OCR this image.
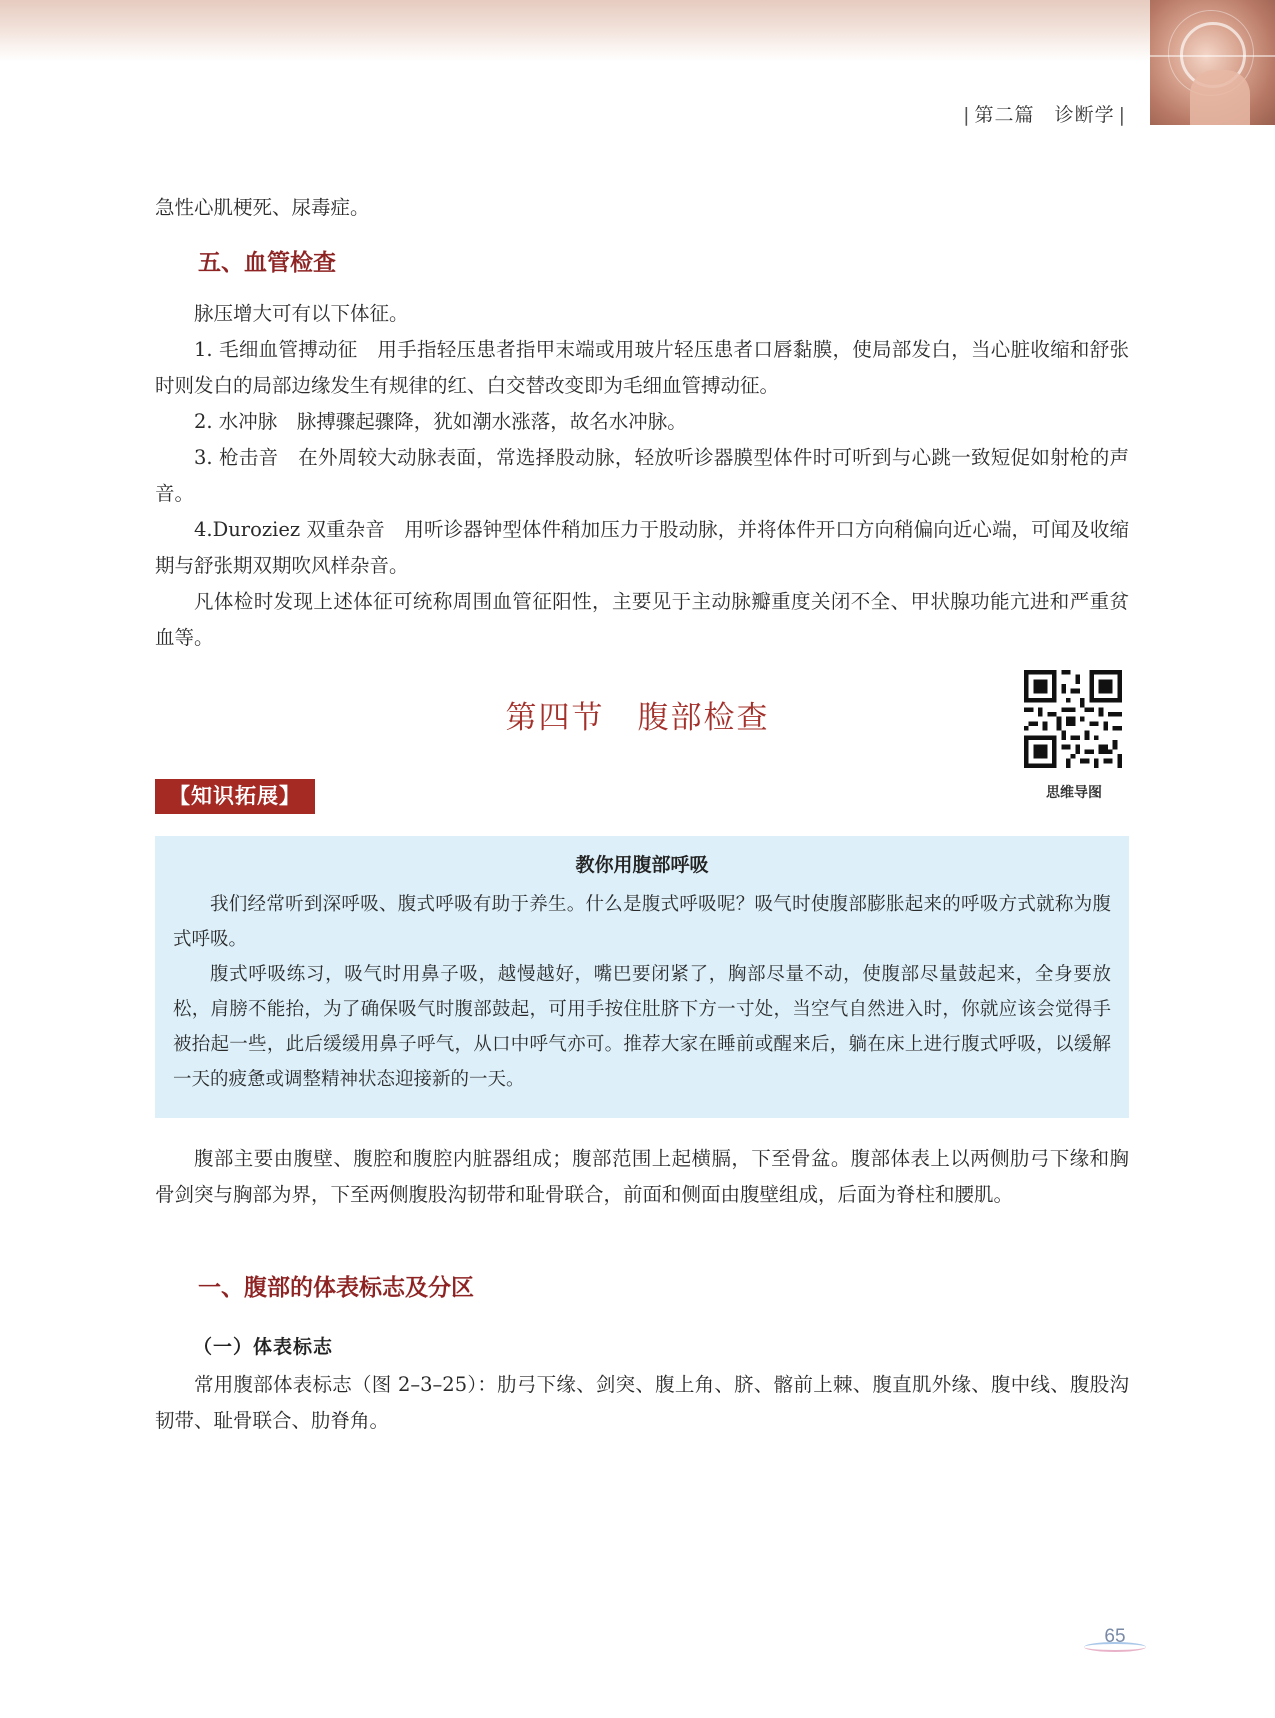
| 第二篇　 诊断学 |

急性心肌梗死、尿毒症。

五、血管检查

脉压增大可有以下体征。

1. 毛细血管搏动征　用手指轻压患者指甲末端或用玻片轻压患者口唇黏膜，使局部发白，当心脏收缩和舒张时则发白的局部边缘发生有规律的红、白交替改变即为毛细血管搏动征。

2. 水冲脉　脉搏骤起骤降，犹如潮水涨落，故名水冲脉。

3. 枪击音　在外周较大动脉表面，常选择股动脉，轻放听诊器膜型体件时可听到与心跳一致短促如射枪的声音。

4.Duroziez 双重杂音　用听诊器钟型体件稍加压力于股动脉，并将体件开口方向稍偏向近心端，可闻及收缩期与舒张期双期吹风样杂音。

凡体检时发现上述体征可统称周围血管征阳性，主要见于主动脉瓣重度关闭不全、甲状腺功能亢进和严重贫血等。

第四节　腹部检查
思维导图
【知识拓展】
教你用腹部呼吸

我们经常听到深呼吸、腹式呼吸有助于养生。什么是腹式呼吸呢？吸气时使腹部膨胀起来的呼吸方式就称为腹式呼吸。

腹式呼吸练习，吸气时用鼻子吸，越慢越好，嘴巴要闭紧了，胸部尽量不动，使腹部尽量鼓起来，全身要放松，肩膀不能抬，为了确保吸气时腹部鼓起，可用手按住肚脐下方一寸处，当空气自然进入时，你就应该会觉得手被抬起一些，此后缓缓用鼻子呼气，从口中呼气亦可。推荐大家在睡前或醒来后，躺在床上进行腹式呼吸，以缓解一天的疲惫或调整精神状态迎接新的一天。

腹部主要由腹壁、腹腔和腹腔内脏器组成；腹部范围上起横膈，下至骨盆。腹部体表上以两侧肋弓下缘和胸骨剑突与胸部为界，下至两侧腹股沟韧带和耻骨联合，前面和侧面由腹壁组成，后面为脊柱和腰肌。

一、腹部的体表标志及分区
（一）体表标志

常用腹部体表标志（图 2–3–25）：肋弓下缘、剑突、腹上角、脐、髂前上棘、腹直肌外缘、腹中线、腹股沟韧带、耻骨联合、肋脊角。

65
